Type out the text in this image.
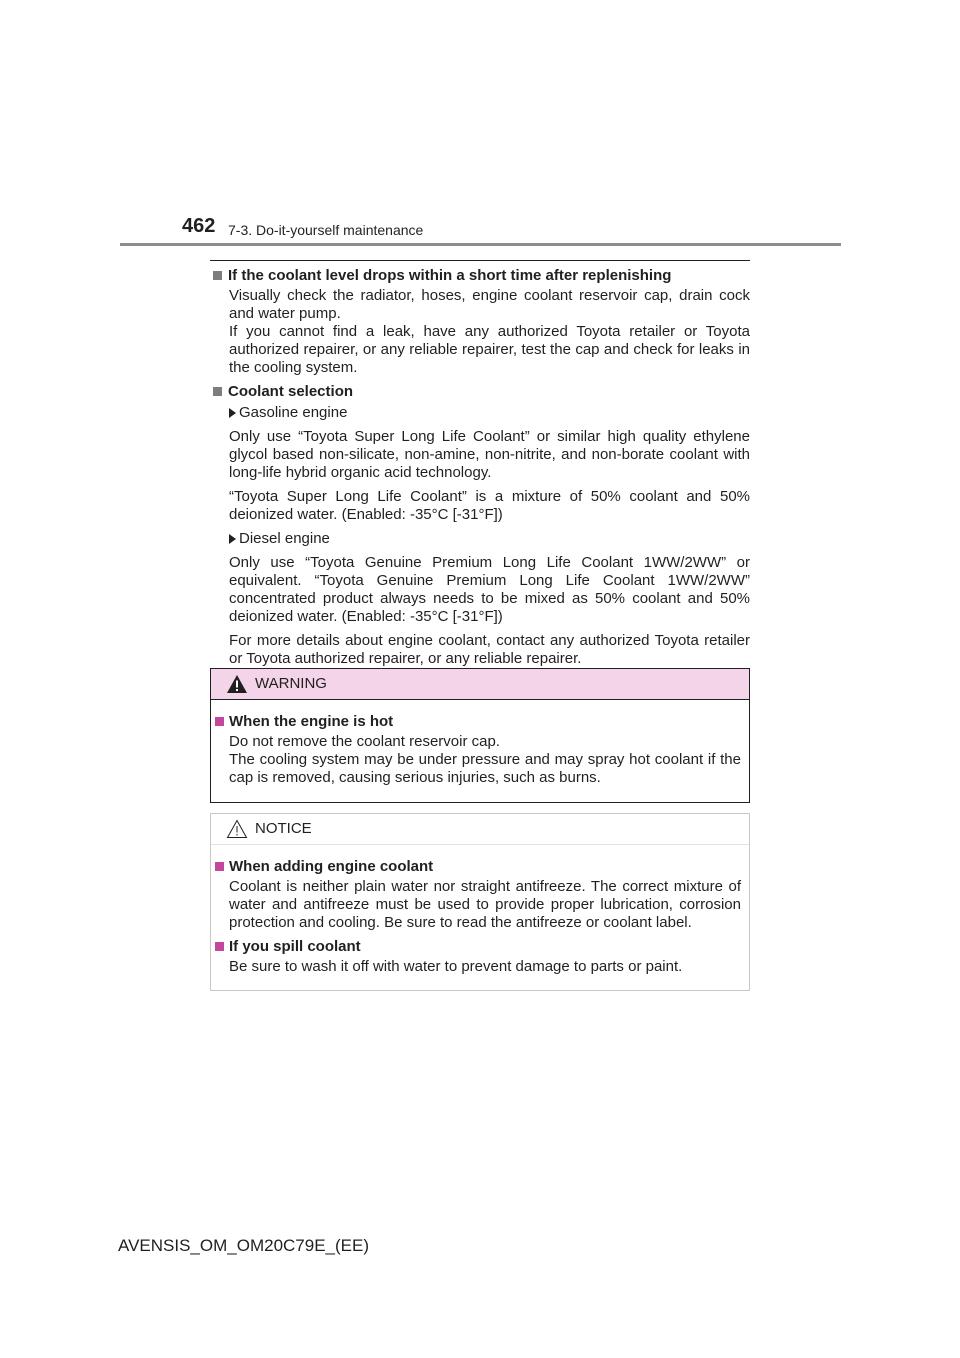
462 7-3. Do-it-yourself maintenance
If the coolant level drops within a short time after replenishing
Visually check the radiator, hoses, engine coolant reservoir cap, drain cock and water pump.
If you cannot find a leak, have any authorized Toyota retailer or Toyota authorized repairer, or any reliable repairer, test the cap and check for leaks in the cooling system.
Coolant selection
Gasoline engine
Only use “Toyota Super Long Life Coolant” or similar high quality ethylene glycol based non-silicate, non-amine, non-nitrite, and non-borate coolant with long-life hybrid organic acid technology.
“Toyota Super Long Life Coolant” is a mixture of 50% coolant and 50% deionized water. (Enabled: -35°C [-31°F])
Diesel engine
Only use “Toyota Genuine Premium Long Life Coolant 1WW/2WW” or equivalent. “Toyota Genuine Premium Long Life Coolant 1WW/2WW” concentrated product always needs to be mixed as 50% coolant and 50% deionized water. (Enabled: -35°C [-31°F])
For more details about engine coolant, contact any authorized Toyota retailer or Toyota authorized repairer, or any reliable repairer.
WARNING
When the engine is hot
Do not remove the coolant reservoir cap.
The cooling system may be under pressure and may spray hot coolant if the cap is removed, causing serious injuries, such as burns.
NOTICE
When adding engine coolant
Coolant is neither plain water nor straight antifreeze. The correct mixture of water and antifreeze must be used to provide proper lubrication, corrosion protection and cooling. Be sure to read the antifreeze or coolant label.
If you spill coolant
Be sure to wash it off with water to prevent damage to parts or paint.
AVENSIS_OM_OM20C79E_(EE)
